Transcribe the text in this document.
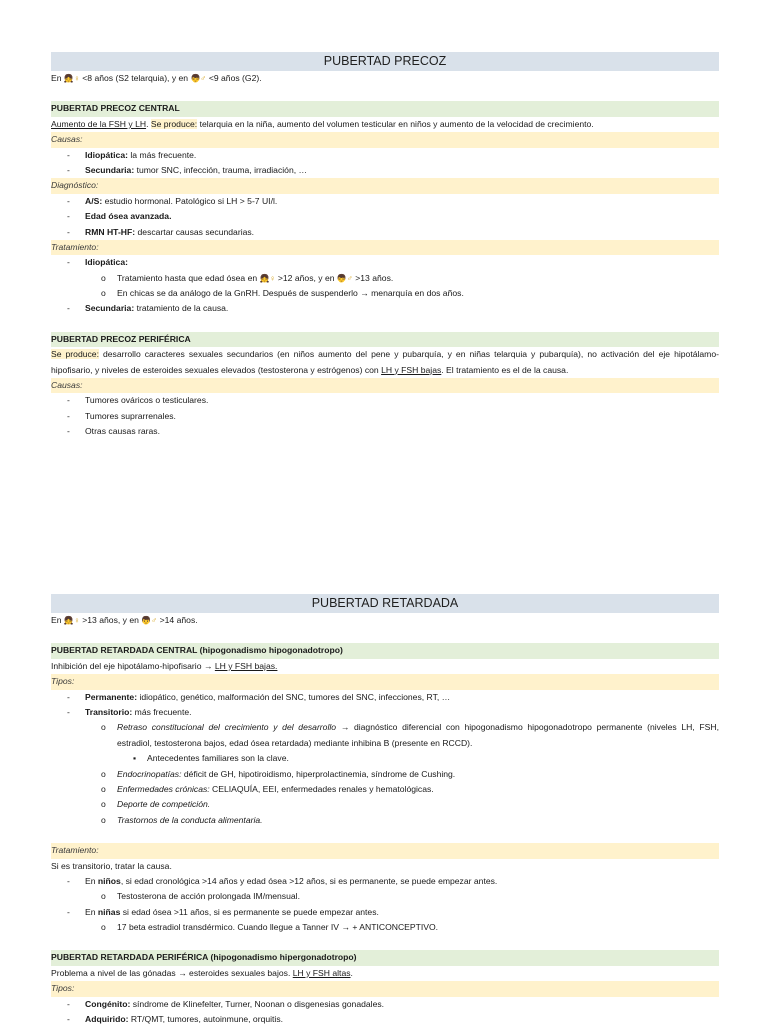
PUBERTAD PRECOZ
En 👧♀ <8 años (S2 telarquia), y en 👦♂ <9 años (G2).
PUBERTAD PRECOZ CENTRAL
Aumento de la FSH y LH. Se produce: telarquia en la niña, aumento del volumen testicular en niños y aumento de la velocidad de crecimiento.
Causas:
- Idiopática: la más frecuente.
- Secundaria: tumor SNC, infección, trauma, irradiación, …
Diagnóstico:
- A/S: estudio hormonal. Patológico si LH > 5-7 UI/l.
- Edad ósea avanzada.
- RMN HT-HF: descartar causas secundarias.
Tratamiento:
- Idiopática:
o Tratamiento hasta que edad ósea en 👧♀ >12 años, y en 👦♂ >13 años.
o En chicas se da análogo de la GnRH. Después de suspenderlo → menarquía en dos años.
- Secundaria: tratamiento de la causa.
PUBERTAD PRECOZ PERIFÉRICA
Se produce: desarrollo caracteres sexuales secundarios (en niños aumento del pene y pubarquía, y en niñas telarquia y pubarquía), no activación del eje hipotálamo-hipofisario, y niveles de esteroides sexuales elevados (testosterona y estrógenos) con LH y FSH bajas. El tratamiento es el de la causa.
Causas:
- Tumores ováricos o testiculares.
- Tumores suprarrenales.
- Otras causas raras.
PUBERTAD RETARDADA
En 👧♀ >13 años, y en 👦♂ >14 años.
PUBERTAD RETARDADA CENTRAL (hipogonadismo hipogonadotropo)
Inhibición del eje hipotálamo-hipofisario → LH y FSH bajas.
Tipos:
- Permanente: idiopático, genético, malformación del SNC, tumores del SNC, infecciones, RT, …
- Transitorio: más frecuente.
o Retraso constitucional del crecimiento y del desarrollo → diagnóstico diferencial con hipogonadismo hipogonadotropo permanente (niveles LH, FSH, estradiol, testosterona bajos, edad ósea retardada) mediante inhibina B (presente en RCCD).
▪ Antecedentes familiares son la clave.
o Endocrinopatías: déficit de GH, hipotiroidismo, hiperprolactinemia, síndrome de Cushing.
o Enfermedades crónicas: CELIAQUÍA, EEI, enfermedades renales y hematológicas.
o Deporte de competición.
o Trastornos de la conducta alimentaria.
Tratamiento:
Si es transitorio, tratar la causa.
- En niños, si edad cronológica >14 años y edad ósea >12 años, si es permanente, se puede empezar antes.
o Testosterona de acción prolongada IM/mensual.
- En niñas si edad ósea >11 años, si es permanente se puede empezar antes.
o 17 beta estradiol transdérmico. Cuando llegue a Tanner IV → + ANTICONCEPTIVO.
PUBERTAD RETARDADA PERIFÉRICA (hipogonadismo hipergonadotropo)
Problema a nivel de las gónadas → esteroides sexuales bajos. LH y FSH altas.
Tipos:
- Congénito: síndrome de Klinefelter, Turner, Noonan o disgenesias gonadales.
- Adquirido: RT/QMT, tumores, autoinmune, orquitis.
